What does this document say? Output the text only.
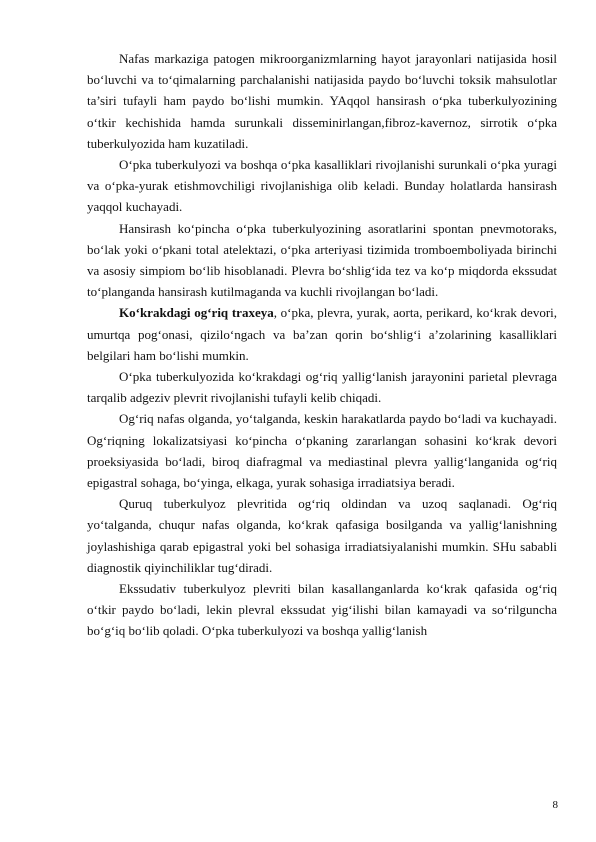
Nafas markaziga patogen mikroorganizmlarning hayot jarayonlari natijasida hosil bo‘luvchi va to‘qimalarning parchalanishi natijasida paydo bo‘luvchi toksik mahsulotlar ta’siri tufayli ham paydo bo‘lishi mumkin. YAqqol hansirash o‘pka tuberkulyozining o‘tkir kechishida hamda surunkali disseminirlangan,fibroz-kavernoz, sirrotik o‘pka tuberkulyozida ham kuzatiladi.

O‘pka tuberkulyozi va boshqa o‘pka kasalliklari rivojlanishi surunkali o‘pka yuragi va o‘pka-yurak etishmovchiligi rivojlanishiga olib keladi. Bunday holatlarda hansirash yaqqol kuchayadi.

Hansirash ko‘pincha o‘pka tuberkulyozining asoratlarini spontan pnevmotoraks, bo‘lak yoki o‘pkani total atelektazi, o‘pka arteriyasi tizimida tromboemboliyada birinchi va asosiy simpiom bo‘lib hisoblanadi. Plevra bo‘shlig‘ida tez va ko‘p miqdorda ekssudat to‘planganda hansirash kutilmaganda va kuchli rivojlangan bo‘ladi.

Ko‘krakdagi og‘riq traxeya, o‘pka, plevra, yurak, aorta, perikard, ko‘krak devori, umurtqa pog‘onasi, qizilo‘ngach va ba’zan qorin bo‘shlig‘i a’zolarining kasalliklari belgilari ham bo‘lishi mumkin.

O‘pka tuberkulyozida ko‘krakdagi og‘riq yallig‘lanish jarayonini parietal plevraga tarqalib adgeziv plevrit rivojlanishi tufayli kelib chiqadi.

Og‘riq nafas olganda, yo‘talganda, keskin harakatlarda paydo bo‘ladi va kuchayadi. Og‘riqning lokalizatsiyasi ko‘pincha o‘pkaning zararlangan sohasini ko‘krak devori proeksiyasida bo‘ladi, biroq diafragmal va mediastinal plevra yallig‘langanida og‘riq epigastral sohaga, bo‘yinga, elkaga, yurak sohasiga irradiatsiya beradi.

Quruq tuberkulyoz plevritida og‘riq oldindan va uzoq saqlanadi. Og‘riq yo‘talganda, chuqur nafas olganda, ko‘krak qafasiga bosilganda va yallig‘lanishning joylashishiga qarab epigastral yoki bel sohasiga irradiatsiyalanishi mumkin. SHu sababli diagnostik qiyinchiliklar tug‘diradi.

Ekssudativ tuberkulyoz plevriti bilan kasallanganlarda ko‘krak qafasida og‘riq o‘tkir paydo bo‘ladi, lekin plevral ekssudat yig‘ilishi bilan kamayadi va so‘rilguncha bo‘g‘iq bo‘lib qoladi. O‘pka tuberkulyozi va boshqa yallig‘lanish

8
